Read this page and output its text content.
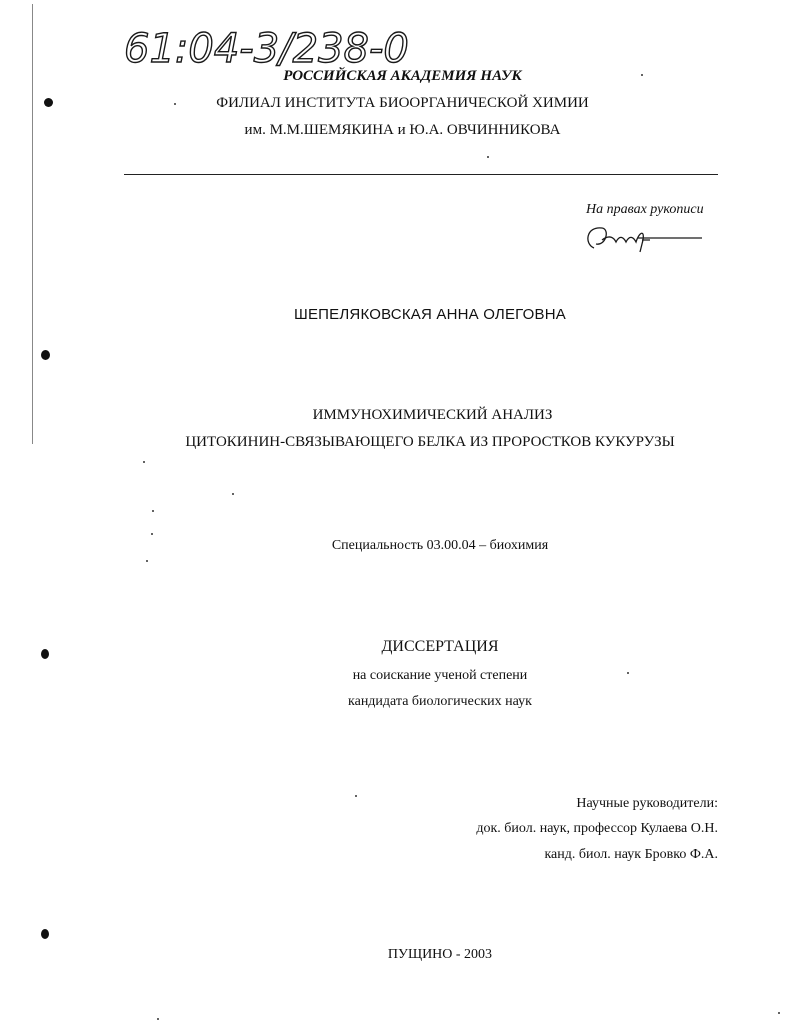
61:04-3/238-0
РОССИЙСКАЯ АКАДЕМИЯ НАУК
ФИЛИАЛ ИНСТИТУТА БИООРГАНИЧЕСКОЙ ХИМИИ
им. М.М.ШЕМЯКИНА и Ю.А. ОВЧИННИКОВА
На правах рукописи
ШЕПЕЛЯКОВСКАЯ АННА ОЛЕГОВНА
ИММУНОХИМИЧЕСКИЙ АНАЛИЗ
ЦИТОКИНИН-СВЯЗЫВАЮЩЕГО БЕЛКА ИЗ ПРОРОСТКОВ КУКУРУЗЫ
Специальность 03.00.04 – биохимия
ДИССЕРТАЦИЯ
на соискание ученой степени
кандидата биологических наук
Научные руководители:
док. биол. наук, профессор Кулаева О.Н.
канд. биол. наук Бровко Ф.А.
ПУЩИНО - 2003
